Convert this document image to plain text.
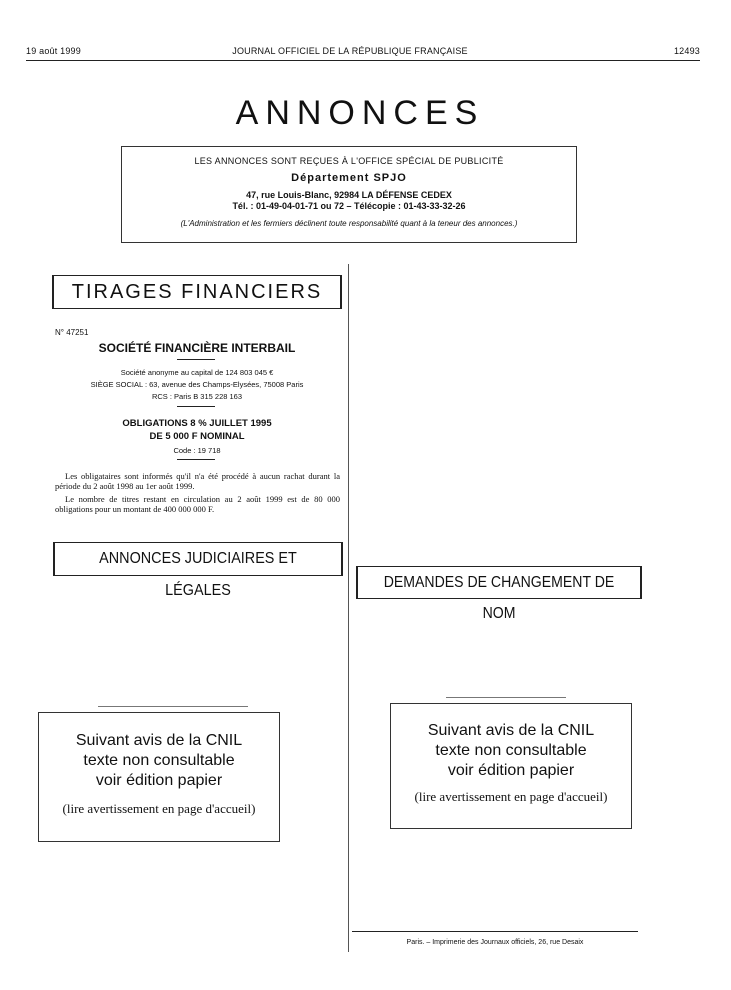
19 août 1999	JOURNAL OFFICIEL DE LA RÉPUBLIQUE FRANÇAISE	12493
ANNONCES
LES ANNONCES SONT REÇUES À L'OFFICE SPÉCIAL DE PUBLICITÉ
Département SPJO
47, rue Louis-Blanc, 92984 LA DÉFENSE CEDEX
Tél. : 01-49-04-01-71 ou 72 – Télécopie : 01-43-33-32-26
(L'Administration et les fermiers déclinent toute responsabilité quant à la teneur des annonces.)
TIRAGES FINANCIERS
N° 47251
SOCIÉTÉ FINANCIÈRE INTERBAIL
Société anonyme au capital de 124 803 045 €
SIÈGE SOCIAL : 63, avenue des Champs-Elysées, 75008 Paris
RCS : Paris B 315 228 163
OBLIGATIONS 8 % JUILLET 1995
DE 5 000 F NOMINAL
Code : 19 718
Les obligataires sont informés qu'il n'a été procédé à aucun rachat durant la période du 2 août 1998 au 1er août 1999.
Le nombre de titres restant en circulation au 2 août 1999 est de 80 000 obligations pour un montant de 400 000 000 F.
ANNONCES JUDICIAIRES ET LÉGALES	DEMANDES DE CHANGEMENT DE NOM
Suivant avis de la CNIL
texte non consultable
voir édition papier
(lire avertissement en page d'accueil)
Suivant avis de la CNIL
texte non consultable
voir édition papier
(lire avertissement en page d'accueil)
Paris. – Imprimerie des Journaux officiels, 26, rue Desaix
